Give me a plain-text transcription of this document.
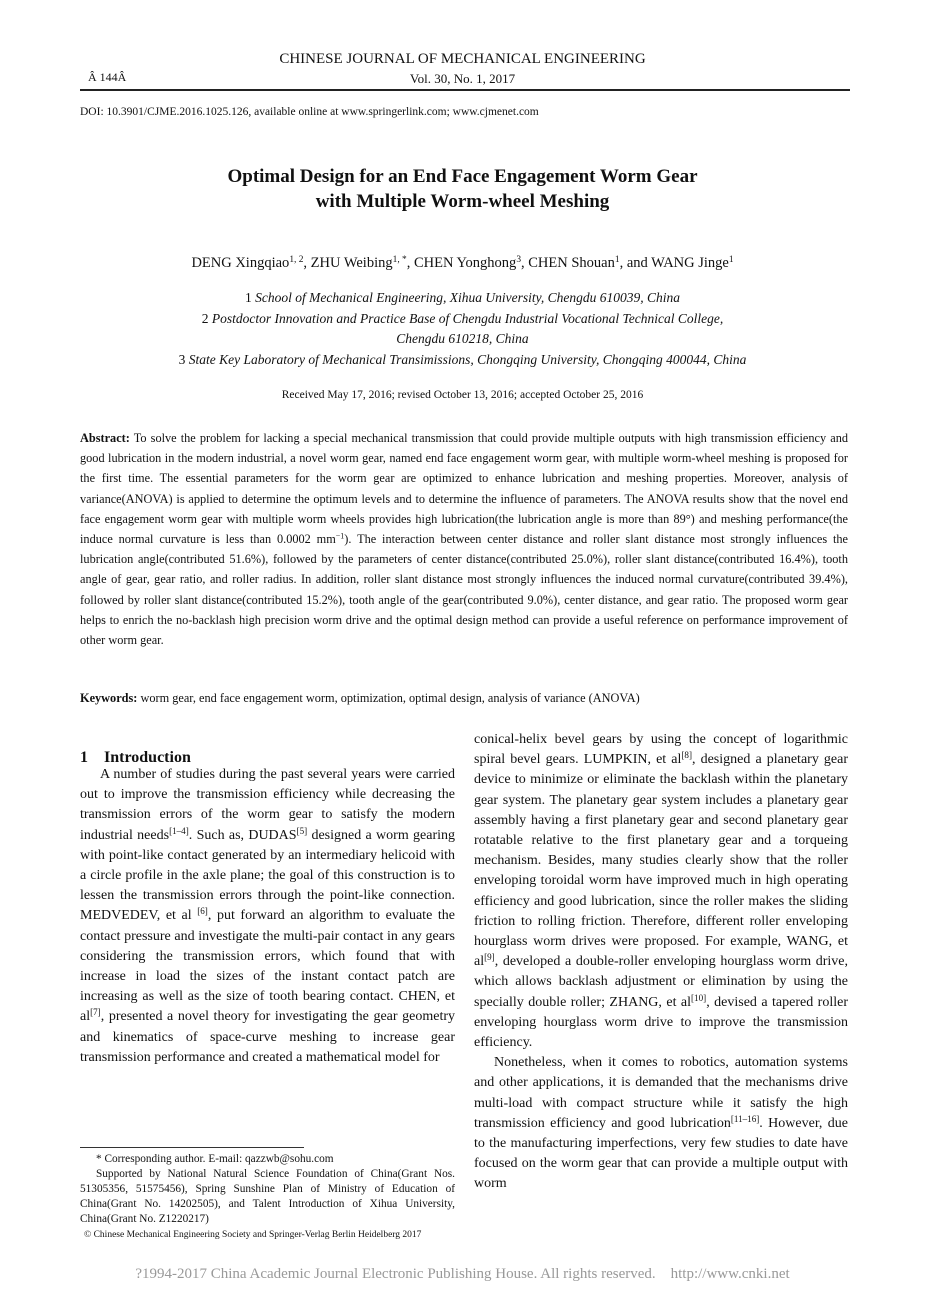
CHINESE JOURNAL OF MECHANICAL ENGINEERING
Â 144Â	Vol. 30, No. 1, 2017
DOI: 10.3901/CJME.2016.1025.126, available online at www.springerlink.com; www.cjmenet.com
Optimal Design for an End Face Engagement Worm Gear
with Multiple Worm-wheel Meshing
DENG Xingqiao$^{1, 2}$, ZHU Weibing$^{1, *}$, CHEN Yonghong$^3$, CHEN Shouan$^1$, and WANG Jinge$^1$
1 School of Mechanical Engineering, Xihua University, Chengdu 610039, China
2 Postdoctor Innovation and Practice Base of Chengdu Industrial Vocational Technical College,
Chengdu 610218, China
3 State Key Laboratory of Mechanical Transimissions, Chongqing University, Chongqing 400044, China
Received May 17, 2016; revised October 13, 2016; accepted October 25, 2016
Abstract: To solve the problem for lacking a special mechanical transmission that could provide multiple outputs with high transmission efficiency and good lubrication in the modern industrial, a novel worm gear, named end face engagement worm gear, with multiple worm-wheel meshing is proposed for the first time. The essential parameters for the worm gear are optimized to enhance lubrication and meshing properties. Moreover, analysis of variance(ANOVA) is applied to determine the optimum levels and to determine the influence of parameters. The ANOVA results show that the novel end face engagement worm gear with multiple worm wheels provides high lubrication(the lubrication angle is more than 89°) and meshing performance(the induce normal curvature is less than 0.0002 $mm^{-1}$). The interaction between center distance and roller slant distance most strongly influences the lubrication angle(contributed 51.6%), followed by the parameters of center distance(contributed 25.0%), roller slant distance(contributed 16.4%), tooth angle of gear, gear ratio, and roller radius. In addition, roller slant distance most strongly influences the induced normal curvature(contributed 39.4%), followed by roller slant distance(contributed 15.2%), tooth angle of the gear(contributed 9.0%), center distance, and gear ratio. The proposed worm gear helps to enrich the no-backlash high precision worm drive and the optimal design method can provide a useful reference on performance improvement of other worm gear.
Keywords: worm gear, end face engagement worm, optimization, optimal design, analysis of variance (ANOVA)
1    Introduction

A number of studies during the past several years were carried out to improve the transmission efficiency while decreasing the transmission errors of the worm gear to satisfy the modern industrial needs[1–4]. Such as, DUDAS[5] designed a worm gearing with point-like contact generated by an intermediary helicoid with a circle profile in the axle plane; the goal of this construction is to lessen the transmission errors through the point-like connection. MEDVEDEV, et al [6], put forward an algorithm to evaluate the contact pressure and investigate the multi-pair contact in any gears considering the transmission errors, which found that with increase in load the sizes of the instant contact patch are increasing as well as the size of tooth bearing contact. CHEN, et al[7], presented a novel theory for investigating the gear geometry and kinematics of space-curve meshing to increase gear transmission performance and created a mathematical model for

conical-helix bevel gears by using the concept of logarithmic spiral bevel gears. LUMPKIN, et al[8], designed a planetary gear device to minimize or eliminate the backlash within the planetary gear system. The planetary gear system includes a planetary gear assembly having a first planetary gear and second planetary gear rotatable relative to the first planetary gear and a torqueing mechanism. Besides, many studies clearly show that the roller enveloping toroidal worm have improved much in high operating efficiency and good lubrication, since the roller makes the sliding friction to rolling friction. Therefore, different roller enveloping hourglass worm drives were proposed. For example, WANG, et al[9], developed a double-roller enveloping hourglass worm drive, which allows backlash adjustment or elimination by using the specially double roller; ZHANG, et al[10], devised a tapered roller enveloping hourglass worm drive to improve the transmission efficiency.

Nonetheless, when it comes to robotics, automation systems and other applications, it is demanded that the mechanisms drive multi-load with compact structure while it satisfy the high transmission efficiency and good lubrication[11–16]. However, due to the manufacturing imperfections, very few studies to date have focused on the worm gear that can provide a multiple output with worm

* Corresponding author. E-mail: qazzwb@sohu.com
Supported by National Natural Science Foundation of China(Grant Nos. 51305356, 51575456), Spring Sunshine Plan of Ministry of Education of China(Grant No. 14202505), and Talent Introduction of Xihua University, China(Grant No. Z1220217)
© Chinese Mechanical Engineering Society and Springer-Verlag Berlin Heidelberg 2017
?1994-2017 China Academic Journal Electronic Publishing House. All rights reserved.    http://www.cnki.net
